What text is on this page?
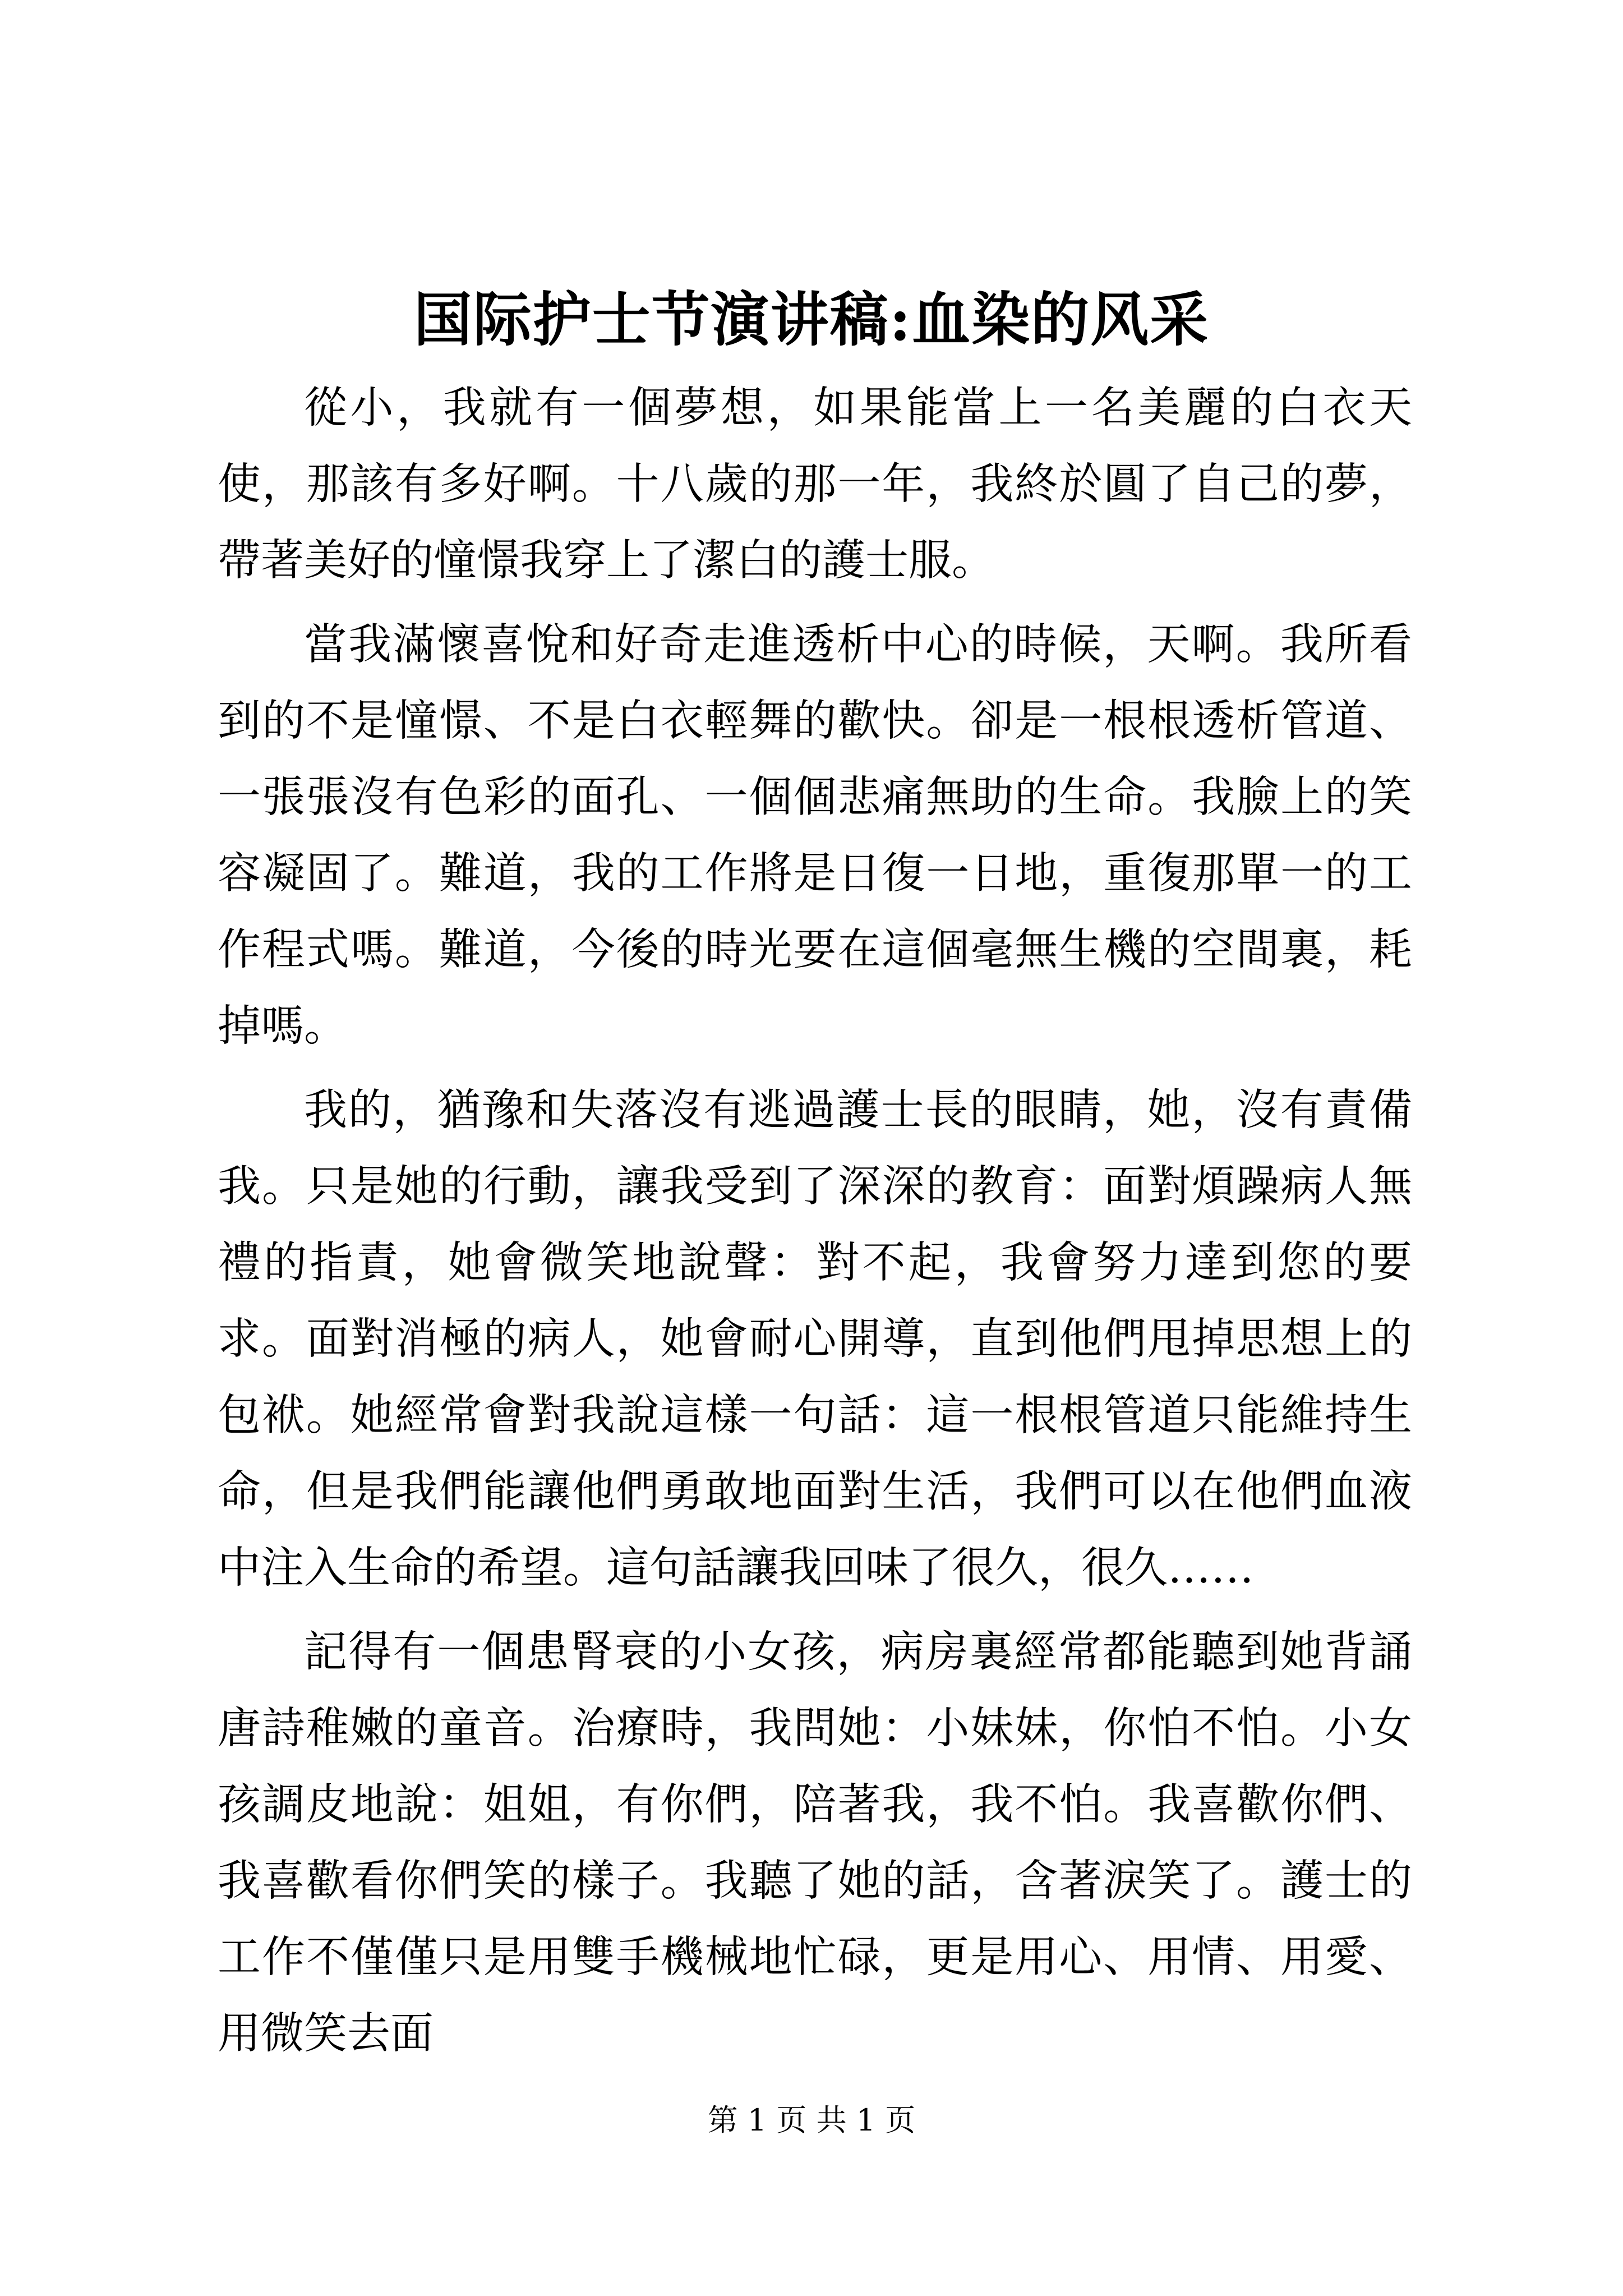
国际护士节演讲稿:血染的风采

從小，我就有一個夢想，如果能當上一名美麗的白衣天使，那該有多好啊。十八歲的那一年，我終於圓了自己的夢，帶著美好的憧憬我穿上了潔白的護士服。

當我滿懷喜悅和好奇走進透析中心的時候，天啊。我所看到的不是憧憬、不是白衣輕舞的歡快。卻是一根根透析管道、一張張沒有色彩的面孔、一個個悲痛無助的生命。我臉上的笑容凝固了。難道，我的工作將是日復一日地，重復那單一的工作程式嗎。難道，今後的時光要在這個毫無生機的空間裏，耗掉嗎。

我的，猶豫和失落沒有逃過護士長的眼睛，她，沒有責備我。只是她的行動，讓我受到了深深的教育：面對煩躁病人無禮的指責，她會微笑地說聲：對不起，我會努力達到您的要求。面對消極的病人，她會耐心開導，直到他們甩掉思想上的包袱。她經常會對我說這樣一句話：這一根根管道只能維持生命，但是我們能讓他們勇敢地面對生活，我們可以在他們血液中注入生命的希望。這句話讓我回味了很久，很久……

記得有一個患腎衰的小女孩，病房裏經常都能聽到她背誦唐詩稚嫩的童音。治療時，我問她：小妹妹，你怕不怕。小女孩調皮地說：姐姐，有你們，陪著我，我不怕。我喜歡你們、我喜歡看你們笑的樣子。我聽了她的話，含著淚笑了。護士的工作不僅僅只是用雙手機械地忙碌，更是用心、用情、用愛、用微笑去面

第 1 页 共 1 页
